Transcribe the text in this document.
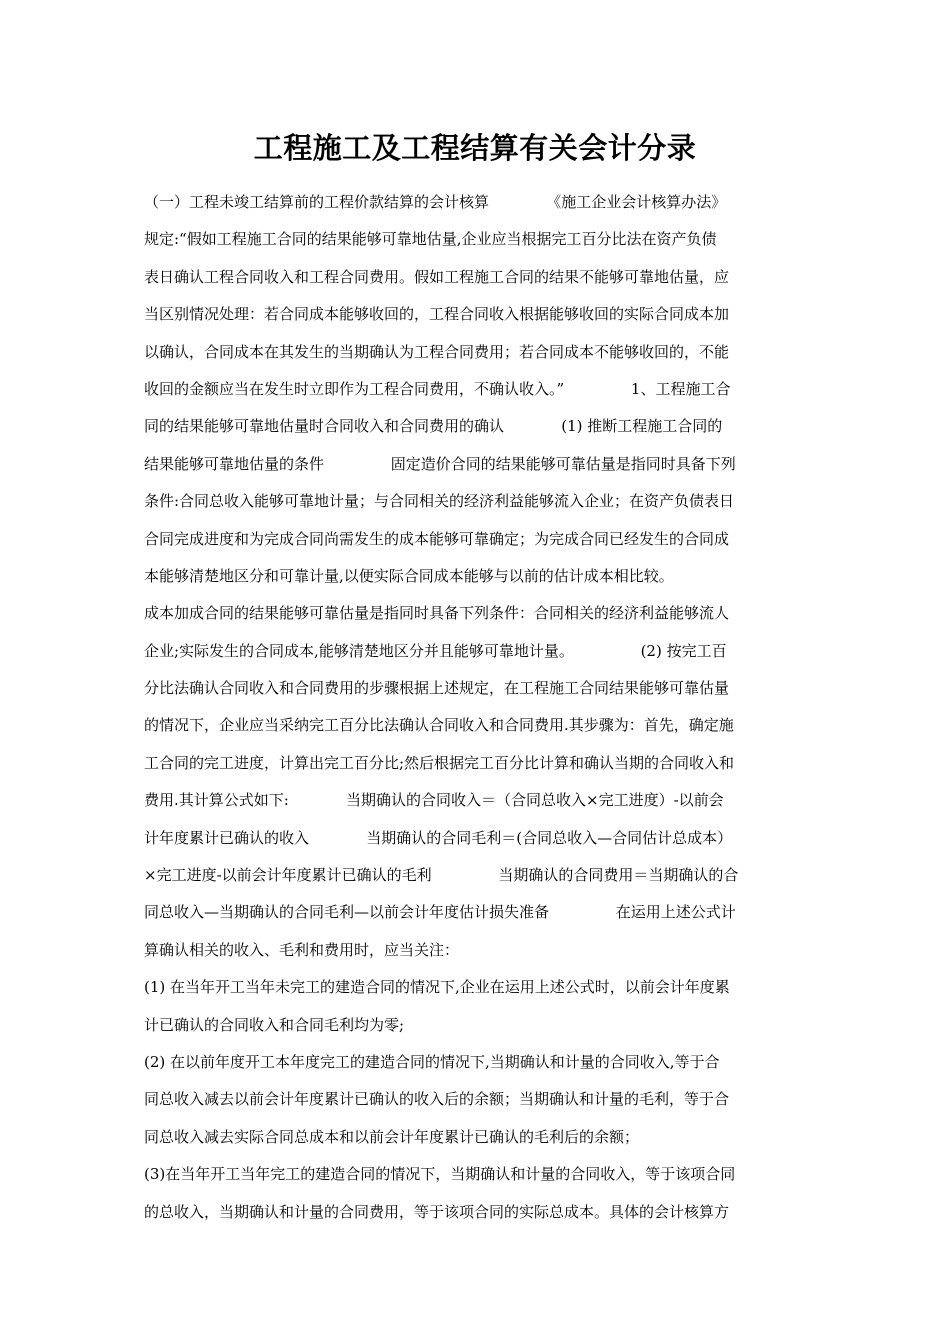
工程施工及工程结算有关会计分录
（一）工程未竣工结算前的工程价款结算的会计核算            《施工企业会计核算办法》
规定:“假如工程施工合同的结果能够可靠地估量,企业应当根据完工百分比法在资产负债
表日确认工程合同收入和工程合同费用。假如工程施工合同的结果不能够可靠地估量，应
当区别情况处理：若合同成本能够收回的，工程合同收入根据能够收回的实际合同成本加
以确认，合同成本在其发生的当期确认为工程合同费用；若合同成本不能够收回的，不能
收回的金额应当在发生时立即作为工程合同费用，不确认收入。”              1、工程施工合
同的结果能够可靠地估量时合同收入和合同费用的确认            (1) 推断工程施工合同的
结果能够可靠地估量的条件              固定造价合同的结果能够可靠估量是指同时具备下列
条件:合同总收入能够可靠地计量；与合同相关的经济利益能够流入企业；在资产负债表日
合同完成进度和为完成合同尚需发生的成本能够可靠确定；为完成合同已经发生的合同成
本能够清楚地区分和可靠计量,以便实际合同成本能够与以前的估计成本相比较。
成本加成合同的结果能够可靠估量是指同时具备下列条件：合同相关的经济利益能够流人
企业;实际发生的合同成本,能够清楚地区分并且能够可靠地计量。              (2) 按完工百
分比法确认合同收入和合同费用的步骤根据上述规定，在工程施工合同结果能够可靠估量
的情况下，企业应当采纳完工百分比法确认合同收入和合同费用.其步骤为：首先，确定施
工合同的完工进度，计算出完工百分比;然后根据完工百分比计算和确认当期的合同收入和
费用.其计算公式如下:            当期确认的合同收入＝（合同总收入×完工进度）-以前会
计年度累计已确认的收入            当期确认的合同毛利＝(合同总收入—合同估计总成本）
×完工进度-以前会计年度累计已确认的毛利              当期确认的合同费用＝当期确认的合
同总收入—当期确认的合同毛利—以前会计年度估计损失准备              在运用上述公式计
算确认相关的收入、毛利和费用时，应当关注：
(1) 在当年开工当年未完工的建造合同的情况下,企业在运用上述公式时，以前会计年度累
计已确认的合同收入和合同毛利均为零;
(2) 在以前年度开工本年度完工的建造合同的情况下,当期确认和计量的合同收入,等于合
同总收入减去以前会计年度累计已确认的收入后的余额；当期确认和计量的毛利，等于合
同总收入减去实际合同总成本和以前会计年度累计已确认的毛利后的余额；
(3)在当年开工当年完工的建造合同的情况下，当期确认和计量的合同收入，等于该项合同
的总收入，当期确认和计量的合同费用，等于该项合同的实际总成本。具体的会计核算方
